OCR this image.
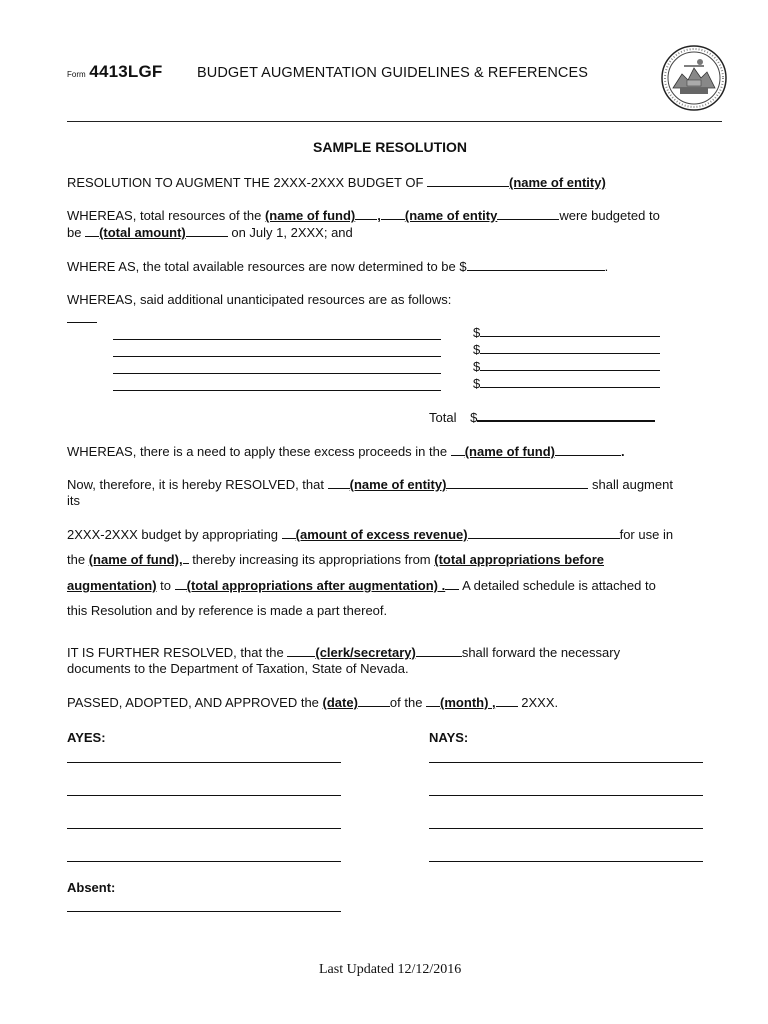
Form 4413LGF BUDGET AUGMENTATION GUIDELINES & REFERENCES
SAMPLE RESOLUTION
RESOLUTION TO AUGMENT THE 2XXX-2XXX BUDGET OF	(name of entity)
WHEREAS, total resources of the (name of fund) , (name of entity	were budgeted to
be (total amount)	on July 1, 2XXX; and
WHERE AS, the total available resources are now determined to be $	.
WHEREAS, said additional unanticipated resources are as follows:
$
$
$
$
Total $
WHEREAS, there is a need to apply these excess proceeds in the (name of fund)	.
Now, therefore, it is hereby RESOLVED, that (name of entity)	shall augment
its
2XXX-2XXX budget by appropriating (amount of excess revenue)	for use in
the (name of fund), thereby increasing its appropriations from (total appropriations before
augmentation) to (total appropriations after augmentation) . A detailed schedule is attached to
this Resolution and by reference is made a part thereof.
IT IS FURTHER RESOLVED, that the (clerk/secretary)	shall forward the necessary
documents to the Department of Taxation, State of Nevada.
PASSED, ADOPTED, AND APPROVED the (date) of the (month) , 2XXX.
AYES:	NAYS:
Absent:
Last Updated 12/12/2016
